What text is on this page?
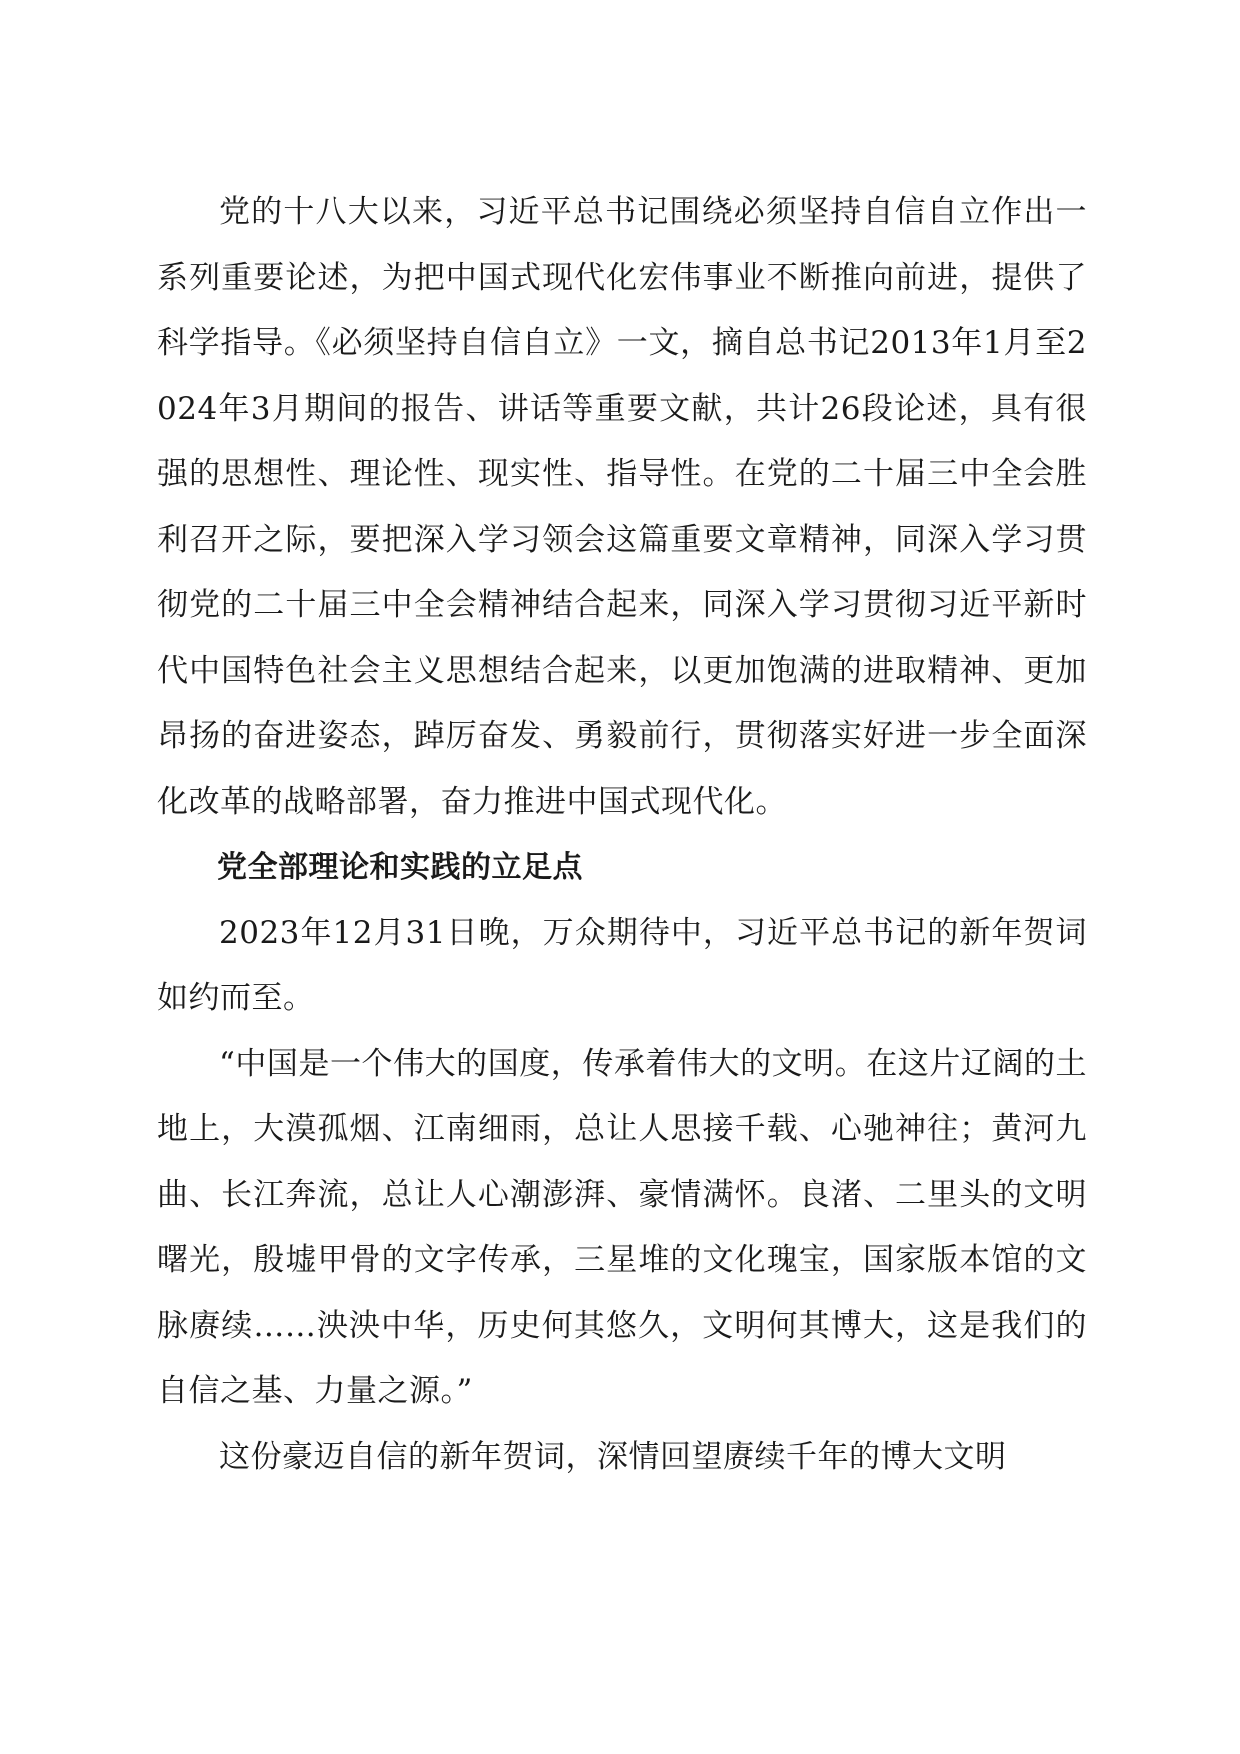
党的十八大以来，习近平总书记围绕必须坚持自信自立作出一系列重要论述，为把中国式现代化宏伟事业不断推向前进，提供了科学指导。《必须坚持自信自立》一文，摘自总书记2013年1月至2024年3月期间的报告、讲话等重要文献，共计26段论述，具有很强的思想性、理论性、现实性、指导性。在党的二十届三中全会胜利召开之际，要把深入学习领会这篇重要文章精神，同深入学习贯彻党的二十届三中全会精神结合起来，同深入学习贯彻习近平新时代中国特色社会主义思想结合起来，以更加饱满的进取精神、更加昂扬的奋进姿态，踔厉奋发、勇毅前行，贯彻落实好进一步全面深化改革的战略部署，奋力推进中国式现代化。

党全部理论和实践的立足点

2023年12月31日晚，万众期待中，习近平总书记的新年贺词如约而至。

“中国是一个伟大的国度，传承着伟大的文明。在这片辽阔的土地上，大漠孤烟、江南细雨，总让人思接千载、心驰神往；黄河九曲、长江奔流，总让人心潮澎湃、豪情满怀。良渚、二里头的文明曙光，殷墟甲骨的文字传承，三星堆的文化瑰宝，国家版本馆的文脉赓续……泱泱中华，历史何其悠久，文明何其博大，这是我们的自信之基、力量之源。”

这份豪迈自信的新年贺词，深情回望赓续千年的博大文明
